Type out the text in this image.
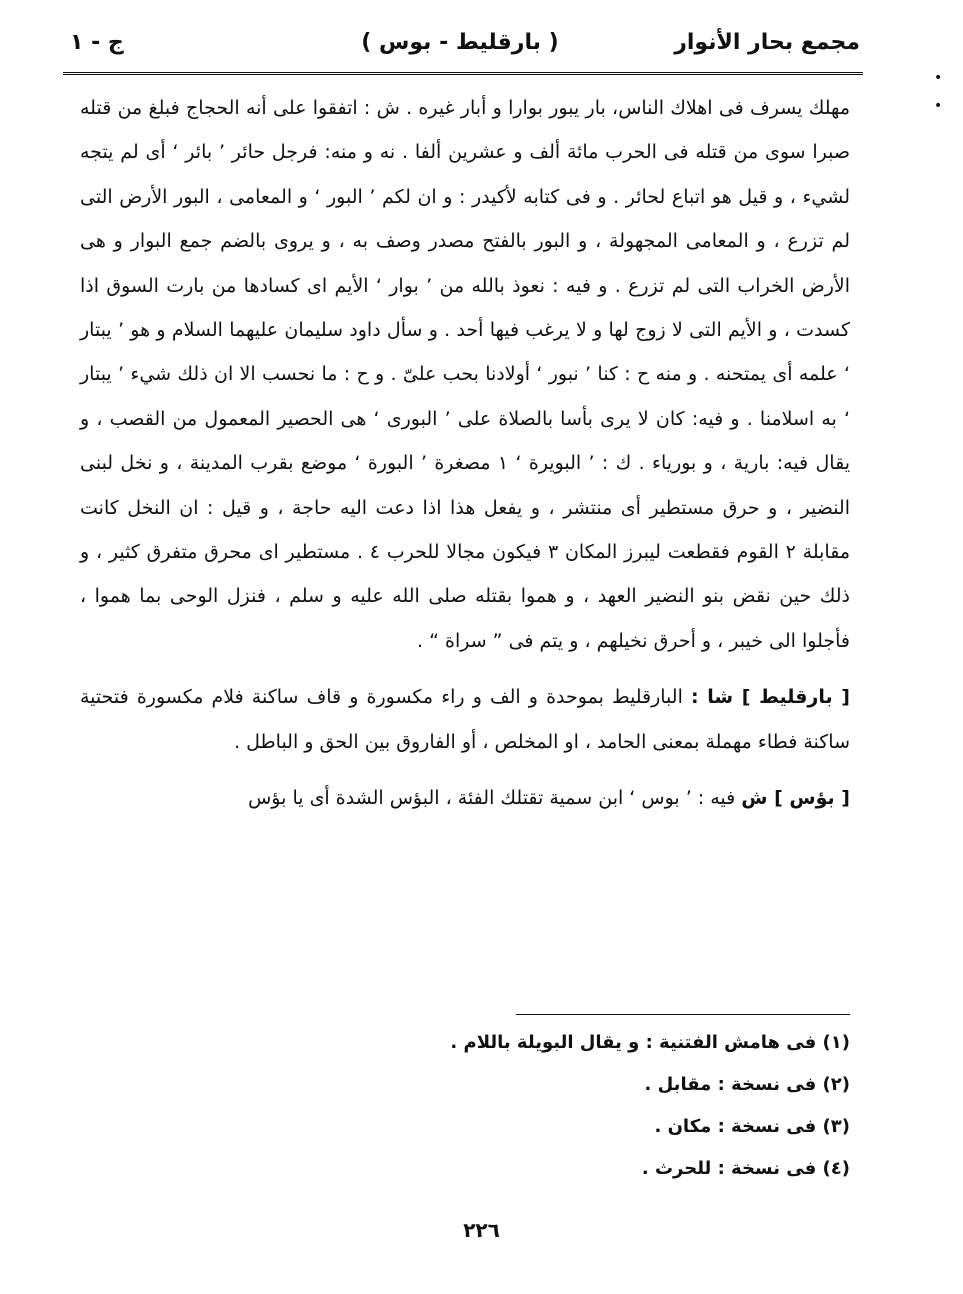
مجمع بحار الأنوار
( بارقليط - بوس )
ج - ١
•
•

مهلك يسرف فى اهلاك الناس، بار يبور بوارا و أبار غيره . ش : اتفقوا على أنه الحجاج فبلغ من قتله صبرا سوى من قتله فى الحرب مائة ألف و عشرين ألفا . نه و منه: فرجل حائر ’ بائر ‘ أى لم يتجه لشيء ، و قيل هو اتباع لحائر . و فى كتابه لأكيدر : و ان لكم ’ البور ‘ و المعامى ، البور الأرض التى لم تزرع ، و المعامى المجهولة ، و البور بالفتح مصدر وصف به ، و يروى بالضم جمع البوار و هى الأرض الخراب التى لم تزرع . و فيه : نعوذ بالله من ’ بوار ‘ الأيم اى كسادها من بارت السوق اذا كسدت ، و الأيم التى لا زوج لها و لا يرغب فيها أحد . و سأل داود سليمان عليهما السلام و هو ’ يبتار ‘ علمه أى يمتحنه . و منه ح : كنا ’ نبور ‘ أولادنا بحب علىّ . و ح : ما نحسب الا ان ذلك شيء ’ يبتار ‘ به اسلامنا . و فيه: كان لا يرى بأسا بالصلاة على ’ البورى ‘ هى الحصير المعمول من القصب ، و يقال فيه: بارية ، و بورياء . ك : ’ البويرة ‘ ١ مصغرة ’ البورة ‘ موضع بقرب المدينة ، و نخل لبنى النضير ، و حرق مستطير أى منتشر ، و يفعل هذا اذا دعت اليه حاجة ، و قيل : ان النخل كانت مقابلة ٢ القوم فقطعت ليبرز المكان ٣ فيكون مجالا للحرب ٤ . مستطير اى محرق متفرق كثير ، و ذلك حين نقض بنو النضير العهد ، و هموا بقتله صلى الله عليه و سلم ، فنزل الوحى بما هموا ، فأجلوا الى خيبر ، و أحرق نخيلهم ، و يتم فى ” سراة “ .

[ بارقليط ] شا : البارقليط بموحدة و الف و راء مكسورة و قاف ساكنة فلام مكسورة فتحتية ساكنة فطاء مهملة بمعنى الحامد ، او المخلص ، أو الفاروق بين الحق و الباطل .

[ بؤس ] ش فيه : ’ بوس ‘ ابن سمية تقتلك الفئة ، البؤس الشدة أى يا بؤس

(١) فى هامش الفتنية : و يقال البويلة باللام .
(٢) فى نسخة : مقابل .
(٣) فى نسخة : مكان .
(٤) فى نسخة : للحرث .
٢٢٦
